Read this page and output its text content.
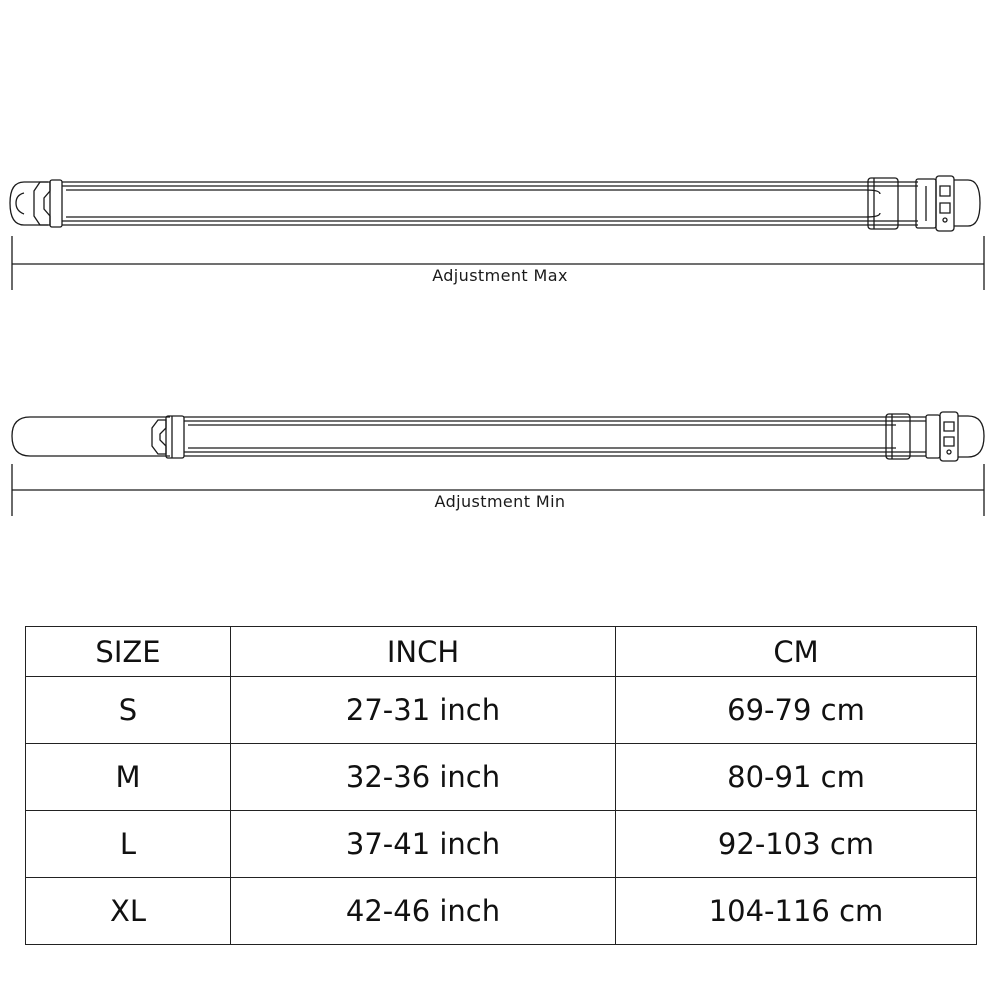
Adjustment Max
Adjustment Min
SIZE	INCH	CM
S	27-31 inch	69-79 cm
M	32-36 inch	80-91 cm
L	37-41 inch	92-103 cm
XL	42-46 inch	104-116 cm
